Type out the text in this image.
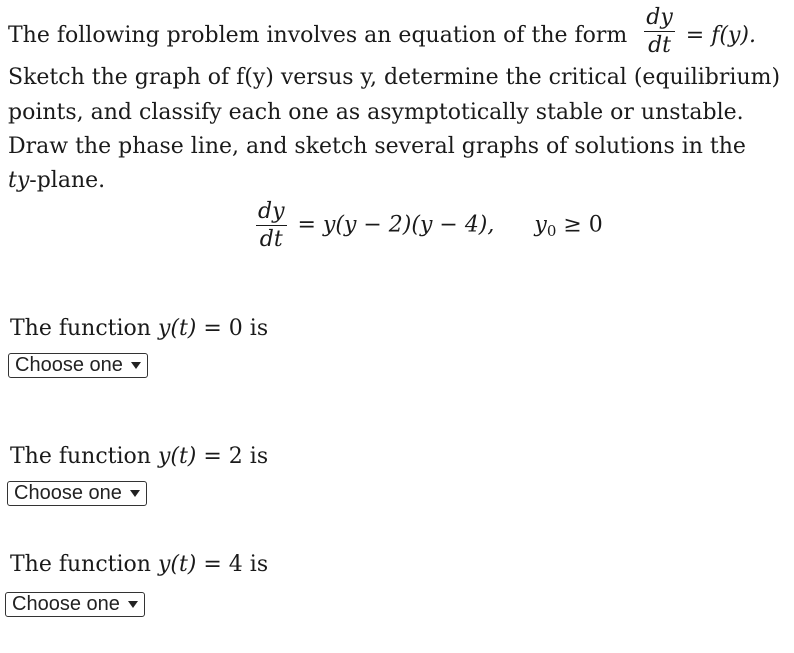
The following problem involves an equation of the form $\frac{dy}{dt} = f(y)$.
Sketch the graph of f(y) versus y, determine the critical (equilibrium)
points, and classify each one as asymptotically stable or unstable.
Draw the phase line, and sketch several graphs of solutions in the
ty-plane.
$\frac{dy}{dt} = y(y - 2)(y - 4)$, y0 ≥ 0
The function y(t) = 0 is
Choose one
The function y(t) = 2 is
Choose one
The function y(t) = 4 is
Choose one
